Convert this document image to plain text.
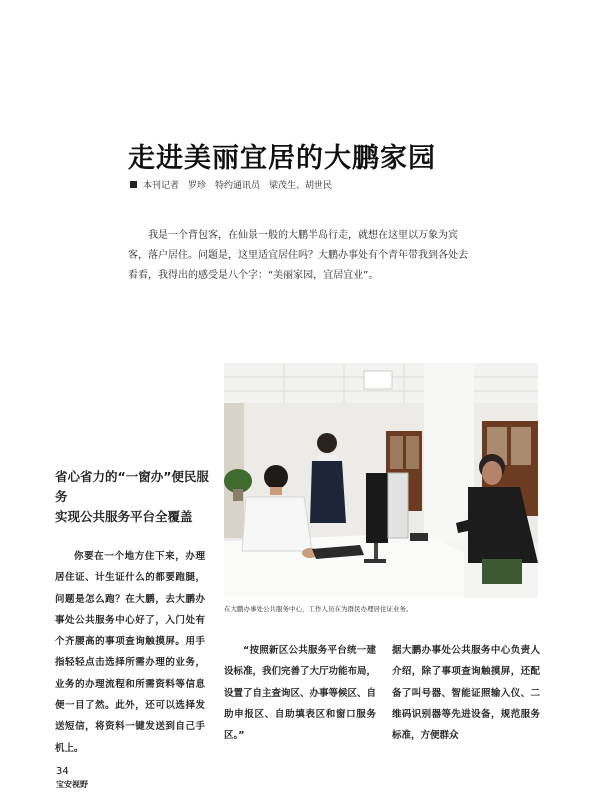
走进美丽宜居的大鹏家园
本刊记者　罗珍　特约通讯员　梁茂生、胡世民

我是一个背包客，在仙景一般的大鹏半岛行走，就想在这里以万象为宾客，落户居住。问题是，这里适宜居住吗？大鹏办事处有个青年带我到各处去看看，我得出的感受是八个字：“美丽家园，宜居宜业”。

在大鹏办事处公共服务中心，工作人员在为群民办理居住证业务。
省心省力的“一窗办”便民服务
实现公共服务平台全覆盖

你要在一个地方住下来，办理居住证、计生证什么的都要跑腿，问题是怎么跑？在大鹏，去大鹏办事处公共服务中心好了，入门处有个齐腰高的事项查询触摸屏。用手指轻轻点击选择所需办理的业务，业务的办理流程和所需资料等信息便一目了然。此外，还可以选择发送短信，将资料一键发送到自己手机上。

“按照新区公共服务平台统一建设标准，我们完善了大厅功能布局，设置了自主查询区、办事等候区、自助申报区、自助填表区和窗口服务区。”

据大鹏办事处公共服务中心负责人介绍，除了事项查询触摸屏，还配备了叫号器、智能证照输入仪、二维码识别器等先进设备，规范服务标准，方便群众

34
宝安视野
